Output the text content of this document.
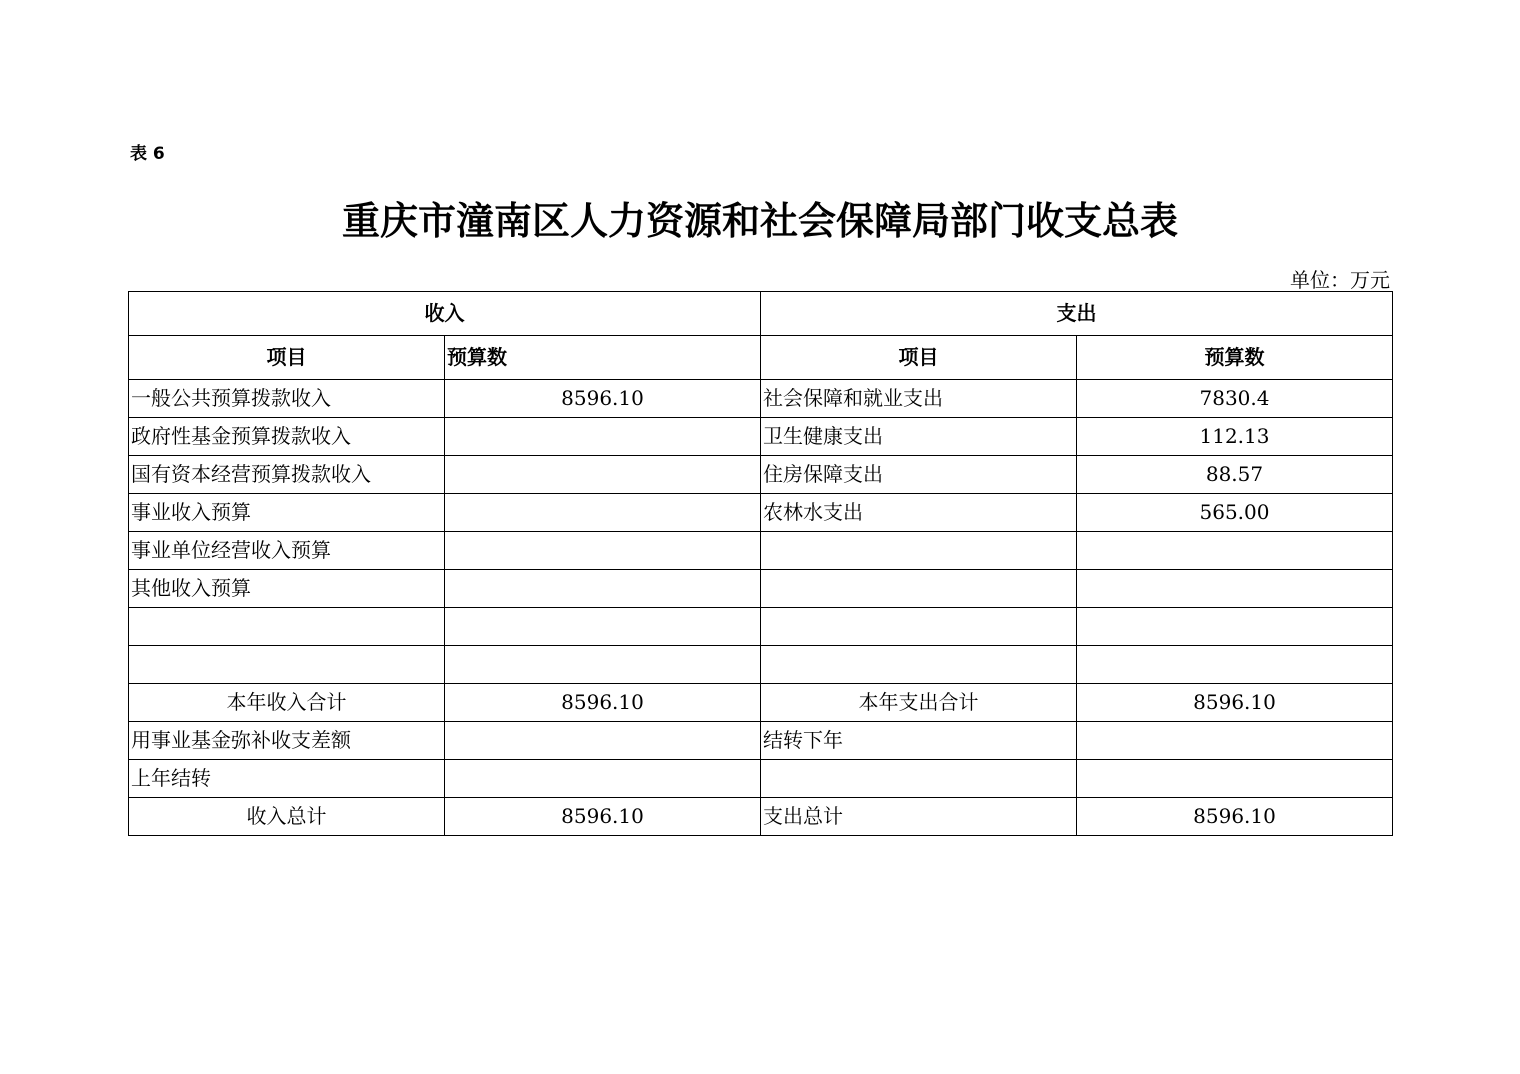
表 6
重庆市潼南区人力资源和社会保障局部门收支总表
单位：万元
收入		支出	
项目	预算数	项目	预算数
一般公共预算拨款收入	8596.10	社会保障和就业支出	7830.4
政府性基金预算拨款收入		卫生健康支出	112.13
国有资本经营预算拨款收入		住房保障支出	88.57
事业收入预算		农林水支出	565.00
事业单位经营收入预算			
其他收入预算			

本年收入合计	8596.10	本年支出合计	8596.10
用事业基金弥补收支差额		结转下年	
上年结转			
收入总计	8596.10	支出总计	8596.10
